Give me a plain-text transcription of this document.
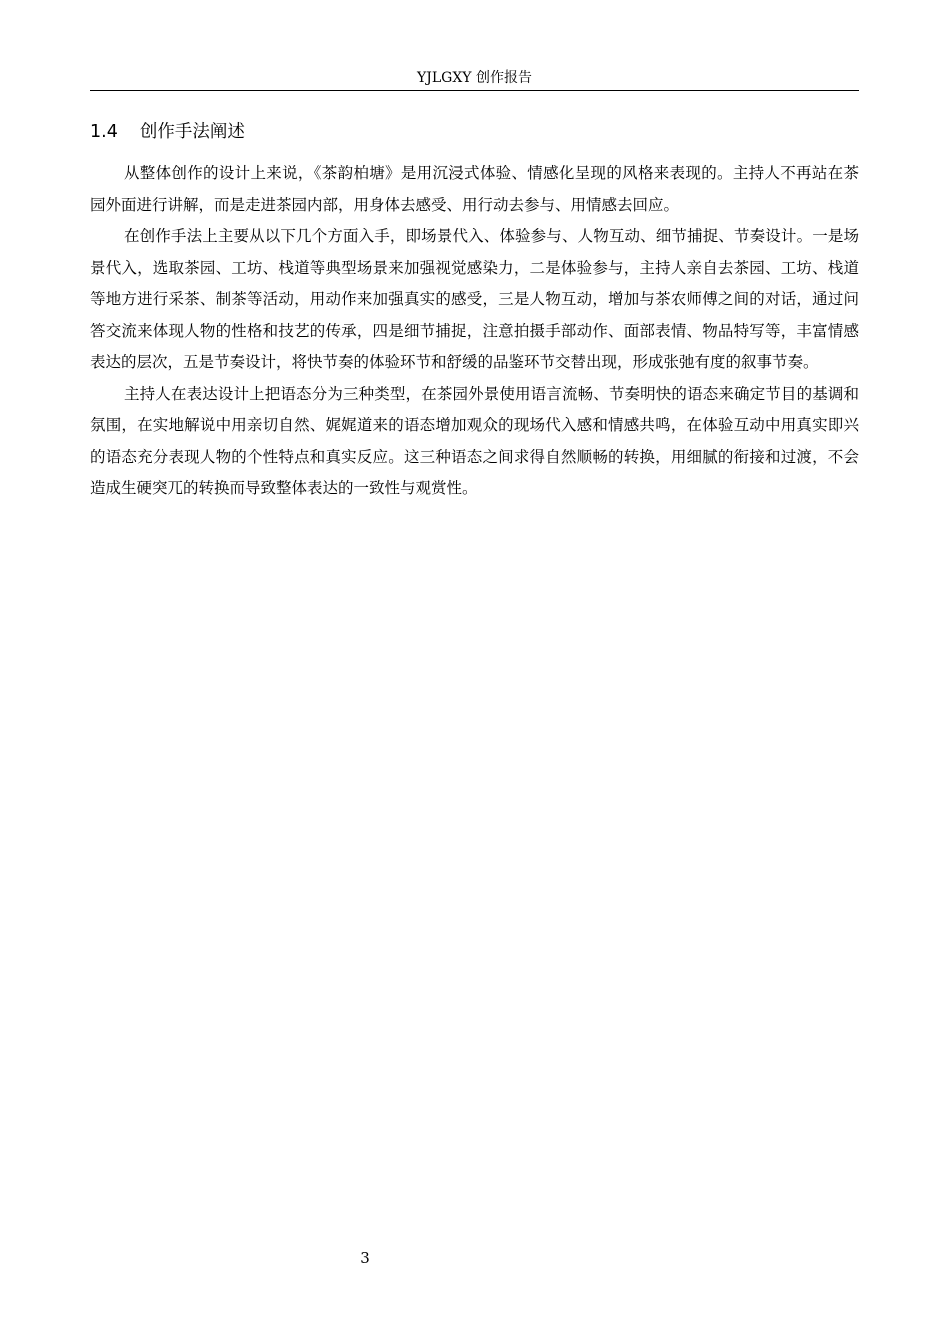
YJLGXY 创作报告
1.4 创作手法阐述

从整体创作的设计上来说，《茶韵柏塘》是用沉浸式体验、情感化呈现的风格来表现的。主持人不再站在茶园外面进行讲解，而是走进茶园内部，用身体去感受、用行动去参与、用情感去回应。

在创作手法上主要从以下几个方面入手，即场景代入、体验参与、人物互动、细节捕捉、节奏设计。一是场景代入，选取茶园、工坊、栈道等典型场景来加强视觉感染力，二是体验参与，主持人亲自去茶园、工坊、栈道等地方进行采茶、制茶等活动，用动作来加强真实的感受，三是人物互动，增加与茶农师傅之间的对话，通过问答交流来体现人物的性格和技艺的传承，四是细节捕捉，注意拍摄手部动作、面部表情、物品特写等，丰富情感表达的层次，五是节奏设计，将快节奏的体验环节和舒缓的品鉴环节交替出现，形成张弛有度的叙事节奏。

主持人在表达设计上把语态分为三种类型，在茶园外景使用语言流畅、节奏明快的语态来确定节目的基调和氛围，在实地解说中用亲切自然、娓娓道来的语态增加观众的现场代入感和情感共鸣，在体验互动中用真实即兴的语态充分表现人物的个性特点和真实反应。这三种语态之间求得自然顺畅的转换，用细腻的衔接和过渡，不会造成生硬突兀的转换而导致整体表达的一致性与观赏性。

3
